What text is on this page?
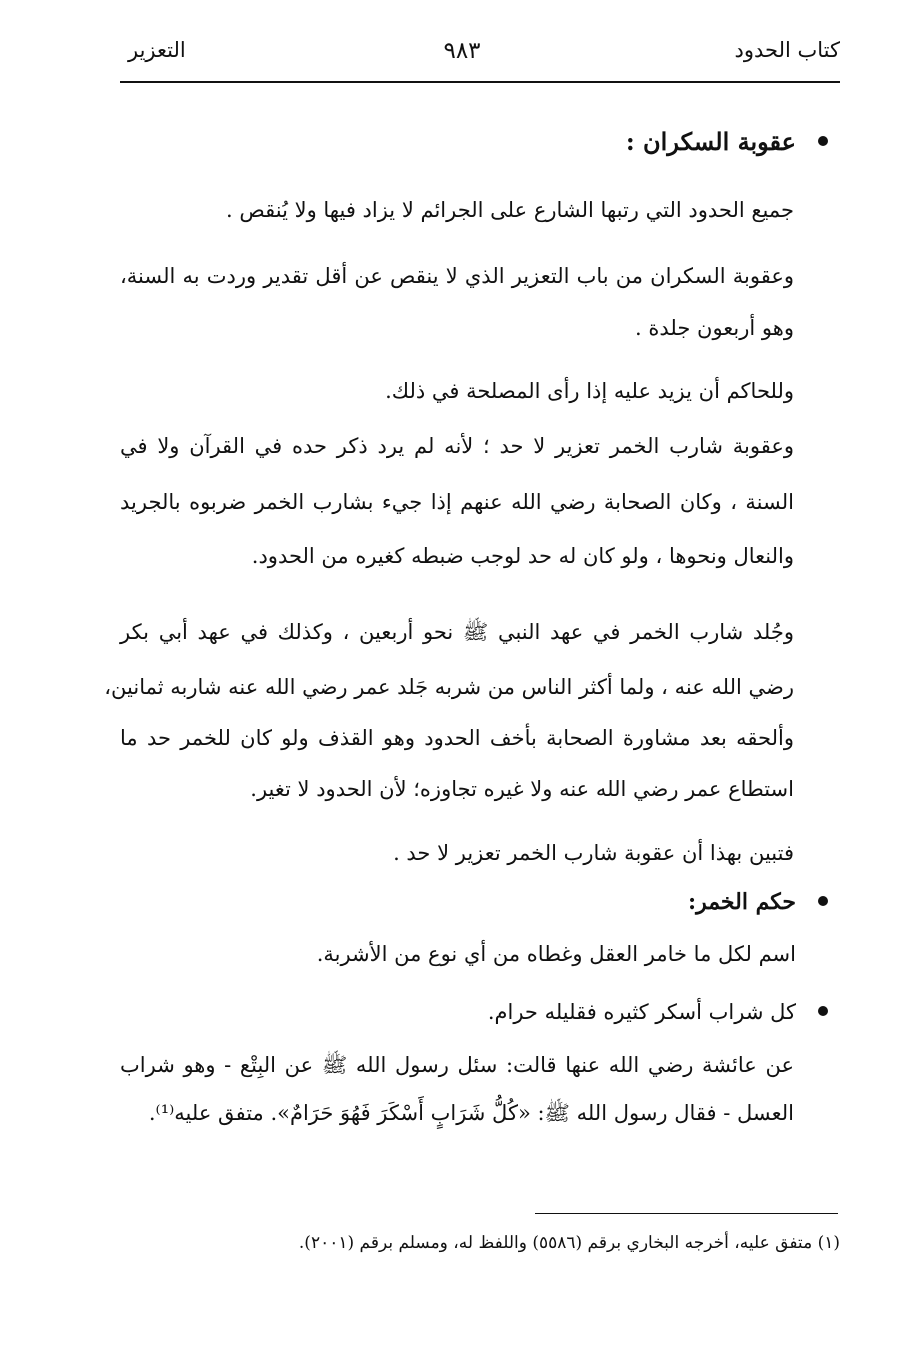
كتاب الحدود
٩٨٣
التعزير
عقوبة السكران :
جميع الحدود التي رتبها الشارع على الجرائم لا يزاد فيها ولا يُنقص .
وعقوبة السكران من باب التعزير الذي لا ينقص عن أقل تقدير وردت به السنة،
وهو أربعون جلدة .
وللحاكم أن يزيد عليه إذا رأى المصلحة في ذلك.
وعقوبة شارب الخمر تعزير لا حد ؛ لأنه لم يرد ذكر حده في القرآن ولا في
السنة ، وكان الصحابة رضي الله عنهم إذا جيء بشارب الخمر ضربوه بالجريد
والنعال ونحوها ، ولو كان له حد لوجب ضبطه كغيره من الحدود.
وجُلد شارب الخمر في عهد النبي ﷺ نحو أربعين ، وكذلك في عهد أبي بكر
رضي الله عنه ، ولما أكثر الناس من شربه جَلد عمر رضي الله عنه شاربه ثمانين،
وألحقه بعد مشاورة الصحابة بأخف الحدود وهو القذف ولو كان للخمر حد ما
استطاع عمر رضي الله عنه ولا غيره تجاوزه؛ لأن الحدود لا تغير.
فتبين بهذا أن عقوبة شارب الخمر تعزير لا حد .
حكم الخمر:
اسم لكل ما خامر العقل وغطاه من أي نوع من الأشربة.
كل شراب أسكر كثيره فقليله حرام.
عن عائشة رضي الله عنها قالت: سئل رسول الله ﷺ عن البِتْع - وهو شراب
العسل - فقال رسول الله ﷺ: «كُلُّ شَرَابٍ أَسْكَرَ فَهُوَ حَرَامٌ». متفق عليه⁽¹⁾.
(١) متفق عليه، أخرجه البخاري برقم (٥٥٨٦) واللفظ له، ومسلم برقم (٢٠٠١).
